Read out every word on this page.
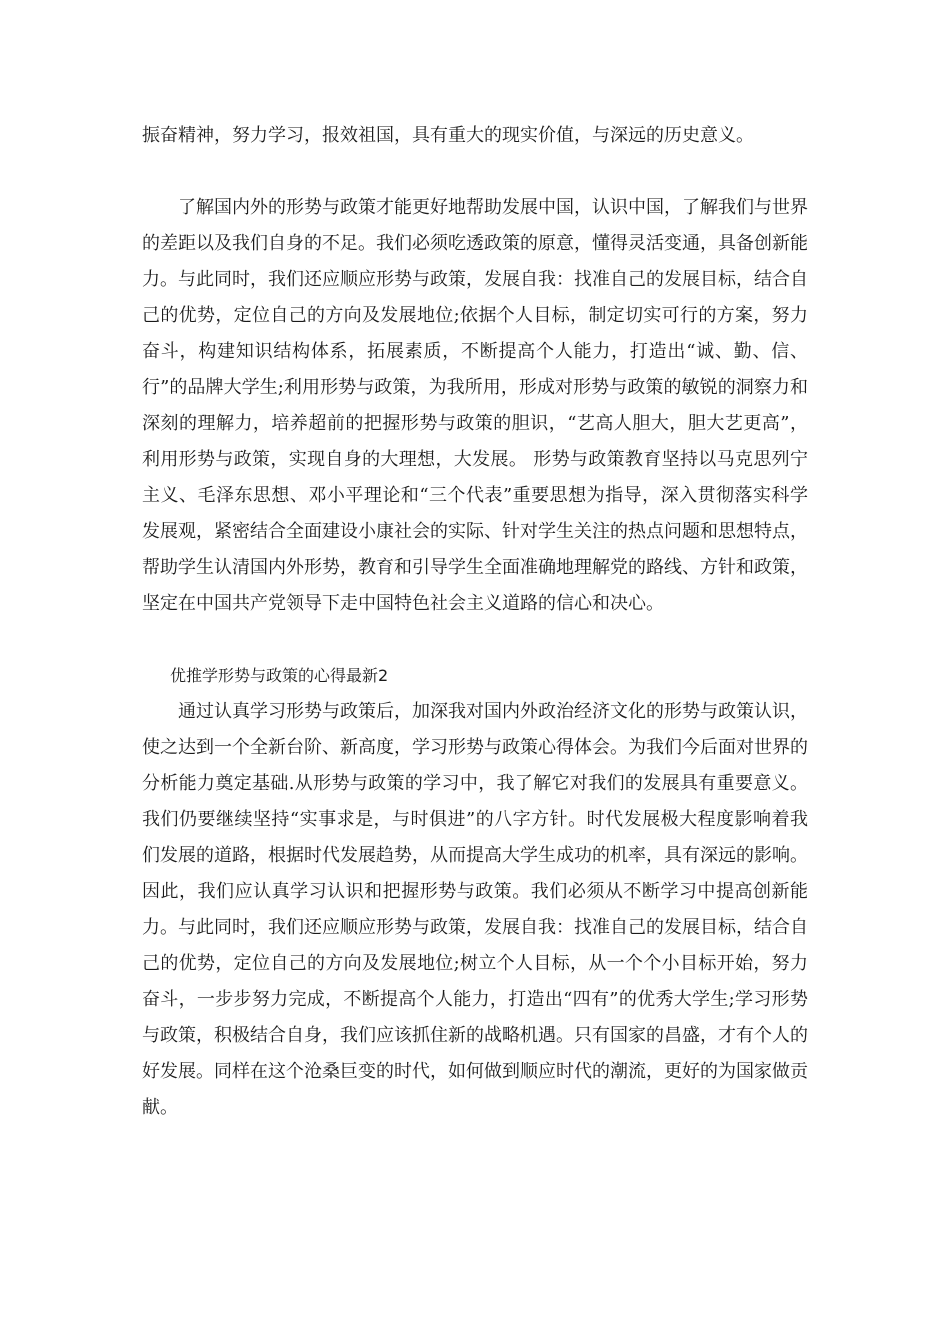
振奋精神，努力学习，报效祖国，具有重大的现实价值，与深远的历史意义。

了解国内外的形势与政策才能更好地帮助发展中国，认识中国，了解我们与世界的差距以及我们自身的不足。我们必须吃透政策的原意，懂得灵活变通，具备创新能力。与此同时，我们还应顺应形势与政策，发展自我：找准自己的发展目标，结合自己的优势，定位自己的方向及发展地位;依据个人目标，制定切实可行的方案，努力奋斗，构建知识结构体系，拓展素质，不断提高个人能力，打造出“诚、勤、信、行”的品牌大学生;利用形势与政策，为我所用，形成对形势与政策的敏锐的洞察力和深刻的理解力，培养超前的把握形势与政策的胆识，“艺高人胆大，胆大艺更高”，利用形势与政策，实现自身的大理想，大发展。 形势与政策教育坚持以马克思列宁主义、毛泽东思想、邓小平理论和“三个代表”重要思想为指导，深入贯彻落实科学发展观，紧密结合全面建设小康社会的实际、针对学生关注的热点问题和思想特点，帮助学生认清国内外形势，教育和引导学生全面准确地理解党的路线、方针和政策，坚定在中国共产党领导下走中国特色社会主义道路的信心和决心。

优推学形势与政策的心得最新2

通过认真学习形势与政策后，加深我对国内外政治经济文化的形势与政策认识，使之达到一个全新台阶、新高度，学习形势与政策心得体会。为我们今后面对世界的分析能力奠定基础.从形势与政策的学习中，我了解它对我们的发展具有重要意义。我们仍要继续坚持“实事求是，与时俱进”的八字方针。时代发展极大程度影响着我们发展的道路，根据时代发展趋势，从而提高大学生成功的机率，具有深远的影响。因此，我们应认真学习认识和把握形势与政策。我们必须从不断学习中提高创新能力。与此同时，我们还应顺应形势与政策，发展自我：找准自己的发展目标，结合自己的优势，定位自己的方向及发展地位;树立个人目标，从一个个小目标开始，努力奋斗，一步步努力完成，不断提高个人能力，打造出“四有”的优秀大学生;学习形势与政策，积极结合自身，我们应该抓住新的战略机遇。只有国家的昌盛，才有个人的好发展。同样在这个沧桑巨变的时代，如何做到顺应时代的潮流，更好的为国家做贡献。
